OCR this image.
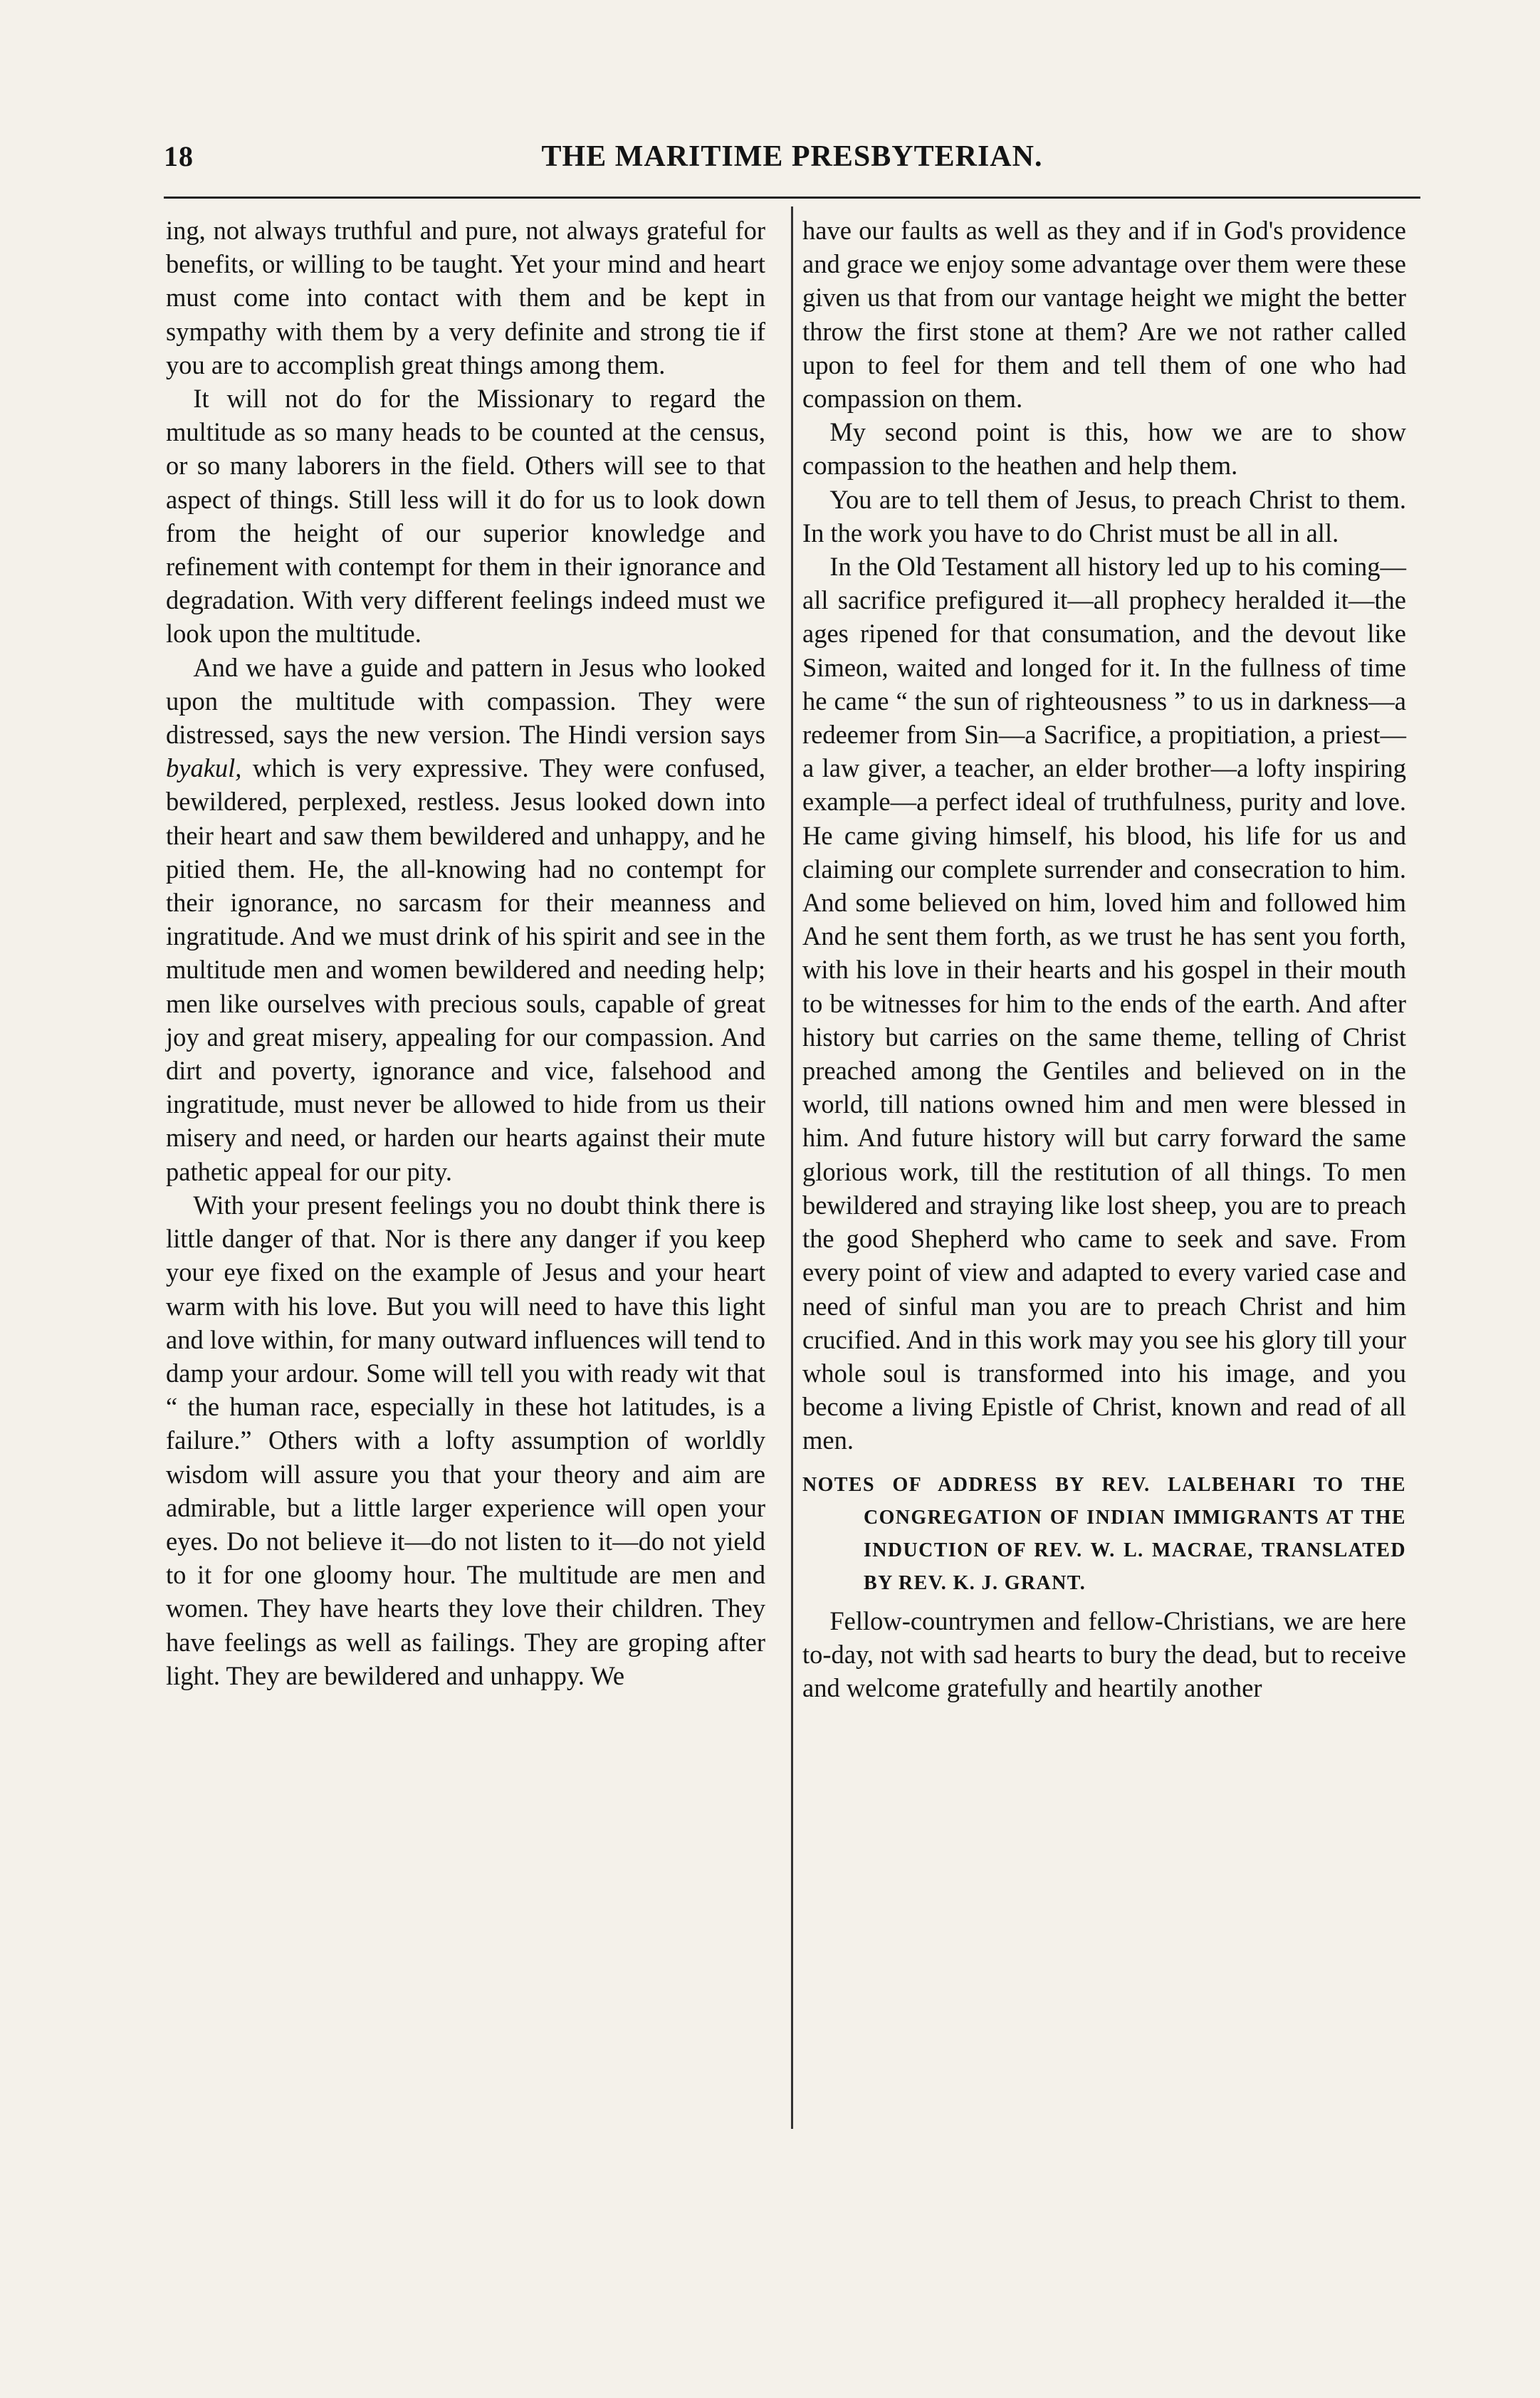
18	THE MARITIME PRESBYTERIAN.

ing, not always truthful and pure, not always grateful for benefits, or willing to be taught. Yet your mind and heart must come into contact with them and be kept in sympathy with them by a very definite and strong tie if you are to accomplish great things among them.

It will not do for the Missionary to regard the multitude as so many heads to be counted at the census, or so many laborers in the field. Others will see to that aspect of things. Still less will it do for us to look down from the height of our superior knowledge and refinement with contempt for them in their ignorance and degradation. With very different feelings indeed must we look upon the multitude.

And we have a guide and pattern in Jesus who looked upon the multitude with compassion. They were distressed, says the new version. The Hindi version says byakul, which is very expressive. They were confused, bewildered, perplexed, restless. Jesus looked down into their heart and saw them bewildered and unhappy, and he pitied them. He, the all-knowing had no contempt for their ignorance, no sarcasm for their meanness and ingratitude. And we must drink of his spirit and see in the multitude men and women bewildered and needing help; men like ourselves with precious souls, capable of great joy and great misery, appealing for our compassion. And dirt and poverty, ignorance and vice, falsehood and ingratitude, must never be allowed to hide from us their misery and need, or harden our hearts against their mute pathetic appeal for our pity.

With your present feelings you no doubt think there is little danger of that. Nor is there any danger if you keep your eye fixed on the example of Jesus and your heart warm with his love. But you will need to have this light and love within, for many outward influences will tend to damp your ardour. Some will tell you with ready wit that “ the human race, especially in these hot latitudes, is a failure.” Others with a lofty assumption of worldly wisdom will assure you that your theory and aim are admirable, but a little larger experience will open your eyes. Do not believe it—do not listen to it—do not yield to it for one gloomy hour. The multitude are men and women. They have hearts they love their children. They have feelings as well as failings. They are groping after light. They are bewildered and unhappy. We

have our faults as well as they and if in God's providence and grace we enjoy some advantage over them were these given us that from our vantage height we might the better throw the first stone at them? Are we not rather called upon to feel for them and tell them of one who had compassion on them.

My second point is this, how we are to show compassion to the heathen and help them.

You are to tell them of Jesus, to preach Christ to them. In the work you have to do Christ must be all in all.

In the Old Testament all history led up to his coming—all sacrifice prefigured it—all prophecy heralded it—the ages ripened for that consumation, and the devout like Simeon, waited and longed for it. In the fullness of time he came “ the sun of righteousness ” to us in darkness—a redeemer from Sin—a Sacrifice, a propitiation, a priest—a law giver, a teacher, an elder brother—a lofty inspiring example—a perfect ideal of truthfulness, purity and love. He came giving himself, his blood, his life for us and claiming our complete surrender and consecration to him. And some believed on him, loved him and followed him And he sent them forth, as we trust he has sent you forth, with his love in their hearts and his gospel in their mouth to be witnesses for him to the ends of the earth. And after history but carries on the same theme, telling of Christ preached among the Gentiles and believed on in the world, till nations owned him and men were blessed in him. And future history will but carry forward the same glorious work, till the restitution of all things. To men bewildered and straying like lost sheep, you are to preach the good Shepherd who came to seek and save. From every point of view and adapted to every varied case and need of sinful man you are to preach Christ and him crucified. And in this work may you see his glory till your whole soul is transformed into his image, and you become a living Epistle of Christ, known and read of all men.

NOTES OF ADDRESS BY REV. LALBEHARI TO THE CONGREGATION OF INDIAN IMMIGRANTS AT THE INDUCTION OF REV. W. L. MACRAE, TRANSLATED BY REV. K. J. GRANT.

Fellow-countrymen and fellow-Christians, we are here to-day, not with sad hearts to bury the dead, but to receive and welcome gratefully and heartily another
